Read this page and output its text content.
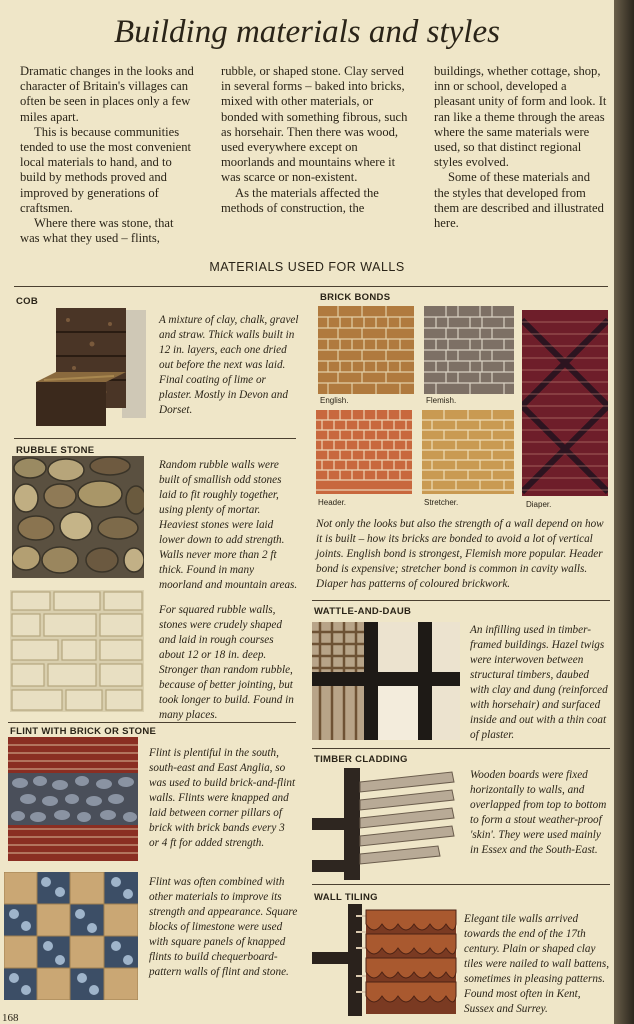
Building materials and styles

Dramatic changes in the looks and character of Britain's villages can often be seen in places only a few miles apart.

This is because communities tended to use the most convenient local materials to hand, and to build by methods proved and improved by generations of craftsmen.

Where there was stone, that was what they used – flints,

rubble, or shaped stone. Clay served in several forms – baked into bricks, mixed with other materials, or bonded with something fibrous, such as horsehair. Then there was wood, used everywhere except on moorlands and mountains where it was scarce or non-existent.

As the materials affected the methods of construction, the

buildings, whether cottage, shop, inn or school, developed a pleasant unity of form and look. It ran like a theme through the areas where the same materials were used, so that distinct regional styles evolved.

Some of these materials and the styles that developed from them are described and illustrated here.

MATERIALS USED FOR WALLS
COB
A mixture of clay, chalk, gravel and straw. Thick walls built in 12 in. layers, each one dried out before the next was laid. Final coating of lime or plaster. Mostly in Devon and Dorset.
RUBBLE STONE
Random rubble walls were built of smallish odd stones laid to fit roughly together, using plenty of mortar. Heaviest stones were laid lower down to add strength. Walls never more than 2 ft thick. Found in many moorland and mountain areas.
For squared rubble walls, stones were crudely shaped and laid in rough courses about 12 or 18 in. deep. Stronger than random rubble, because of better jointing, but took longer to build. Found in many places.
FLINT WITH BRICK OR STONE
Flint is plentiful in the south, south-east and East Anglia, so was used to build brick-and-flint walls. Flints were knapped and laid between corner pillars of brick with brick bands every 3 or 4 ft for added strength.
Flint was often combined with other materials to improve its strength and appearance. Square blocks of limestone were used with square panels of knapped flints to build chequerboard-pattern walls of flint and stone.
BRICK BONDS
English.	Flemish.
Header.	Stretcher.	Diaper.
Not only the looks but also the strength of a wall depend on how it is built – how its bricks are bonded to avoid a lot of vertical joints. English bond is strongest, Flemish more popular. Header bond is expensive; stretcher bond is common in cavity walls. Diaper has patterns of coloured brickwork.
WATTLE-AND-DAUB
An infilling used in timber-framed buildings. Hazel twigs were interwoven between structural timbers, daubed with clay and dung (reinforced with horsehair) and surfaced inside and out with a thin coat of plaster.
TIMBER CLADDING
Wooden boards were fixed horizontally to walls, and overlapped from top to bottom to form a stout weather-proof 'skin'. They were used mainly in Essex and the South-East.
WALL TILING
Elegant tile walls arrived towards the end of the 17th century. Plain or shaped clay tiles were nailed to wall battens, sometimes in pleasing patterns. Found most often in Kent, Sussex and Surrey.
168
